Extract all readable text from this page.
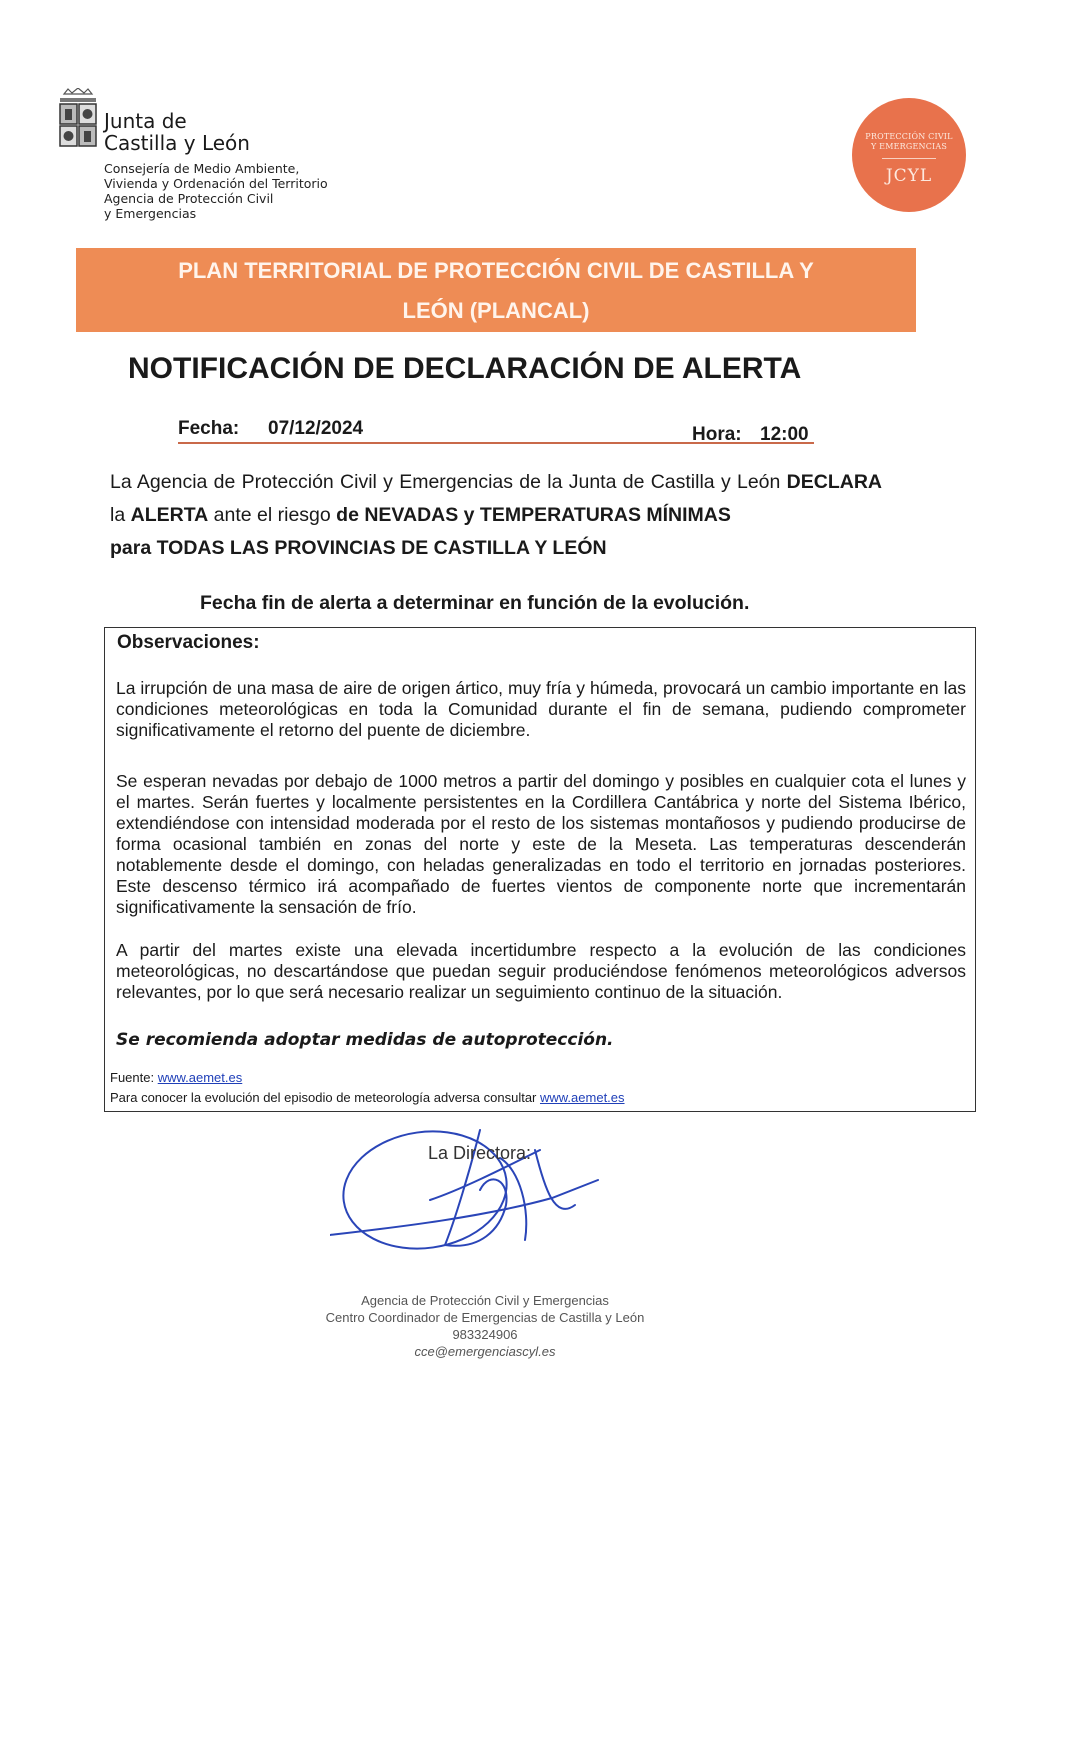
Junta de
Castilla y León
Consejería de Medio Ambiente,
Vivienda y Ordenación del Territorio
Agencia de Protección Civil
y Emergencias
PROTECCIÓN CIVIL
Y EMERGENCIAS
JCYL
PLAN TERRITORIAL DE PROTECCIÓN CIVIL DE CASTILLA Y
LEÓN (PLANCAL)
NOTIFICACIÓN DE DECLARACIÓN DE ALERTA
Fecha: 07/12/2024	Hora: 12:00
La Agencia de Protección Civil y Emergencias de la Junta de Castilla y León DECLARA la ALERTA ante el riesgo de NEVADAS y TEMPERATURAS MÍNIMAS
para TODAS LAS PROVINCIAS DE CASTILLA Y LEÓN
Fecha fin de alerta a determinar en función de la evolución.
Observaciones:
La irrupción de una masa de aire de origen ártico, muy fría y húmeda, provocará un cambio importante en las condiciones meteorológicas en toda la Comunidad durante el fin de semana, pudiendo comprometer significativamente el retorno del puente de diciembre.
Se esperan nevadas por debajo de 1000 metros a partir del domingo y posibles en cualquier cota el lunes y el martes. Serán fuertes y localmente persistentes en la Cordillera Cantábrica y norte del Sistema Ibérico, extendiéndose con intensidad moderada por el resto de los sistemas montañosos y pudiendo producirse de forma ocasional también en zonas del norte y este de la Meseta. Las temperaturas descenderán notablemente desde el domingo, con heladas generalizadas en todo el territorio en jornadas posteriores. Este descenso térmico irá acompañado de fuertes vientos de componente norte que incrementarán significativamente la sensación de frío.
A partir del martes existe una elevada incertidumbre respecto a la evolución de las condiciones meteorológicas, no descartándose que puedan seguir produciéndose fenómenos meteorológicos adversos relevantes, por lo que será necesario realizar un seguimiento continuo de la situación.
Se recomienda adoptar medidas de autoprotección.
Fuente: www.aemet.es
Para conocer la evolución del episodio de meteorología adversa consultar www.aemet.es
La Directora:
Agencia de Protección Civil y Emergencias
Centro Coordinador de Emergencias de Castilla y León
983324906
cce@emergenciascyl.es
